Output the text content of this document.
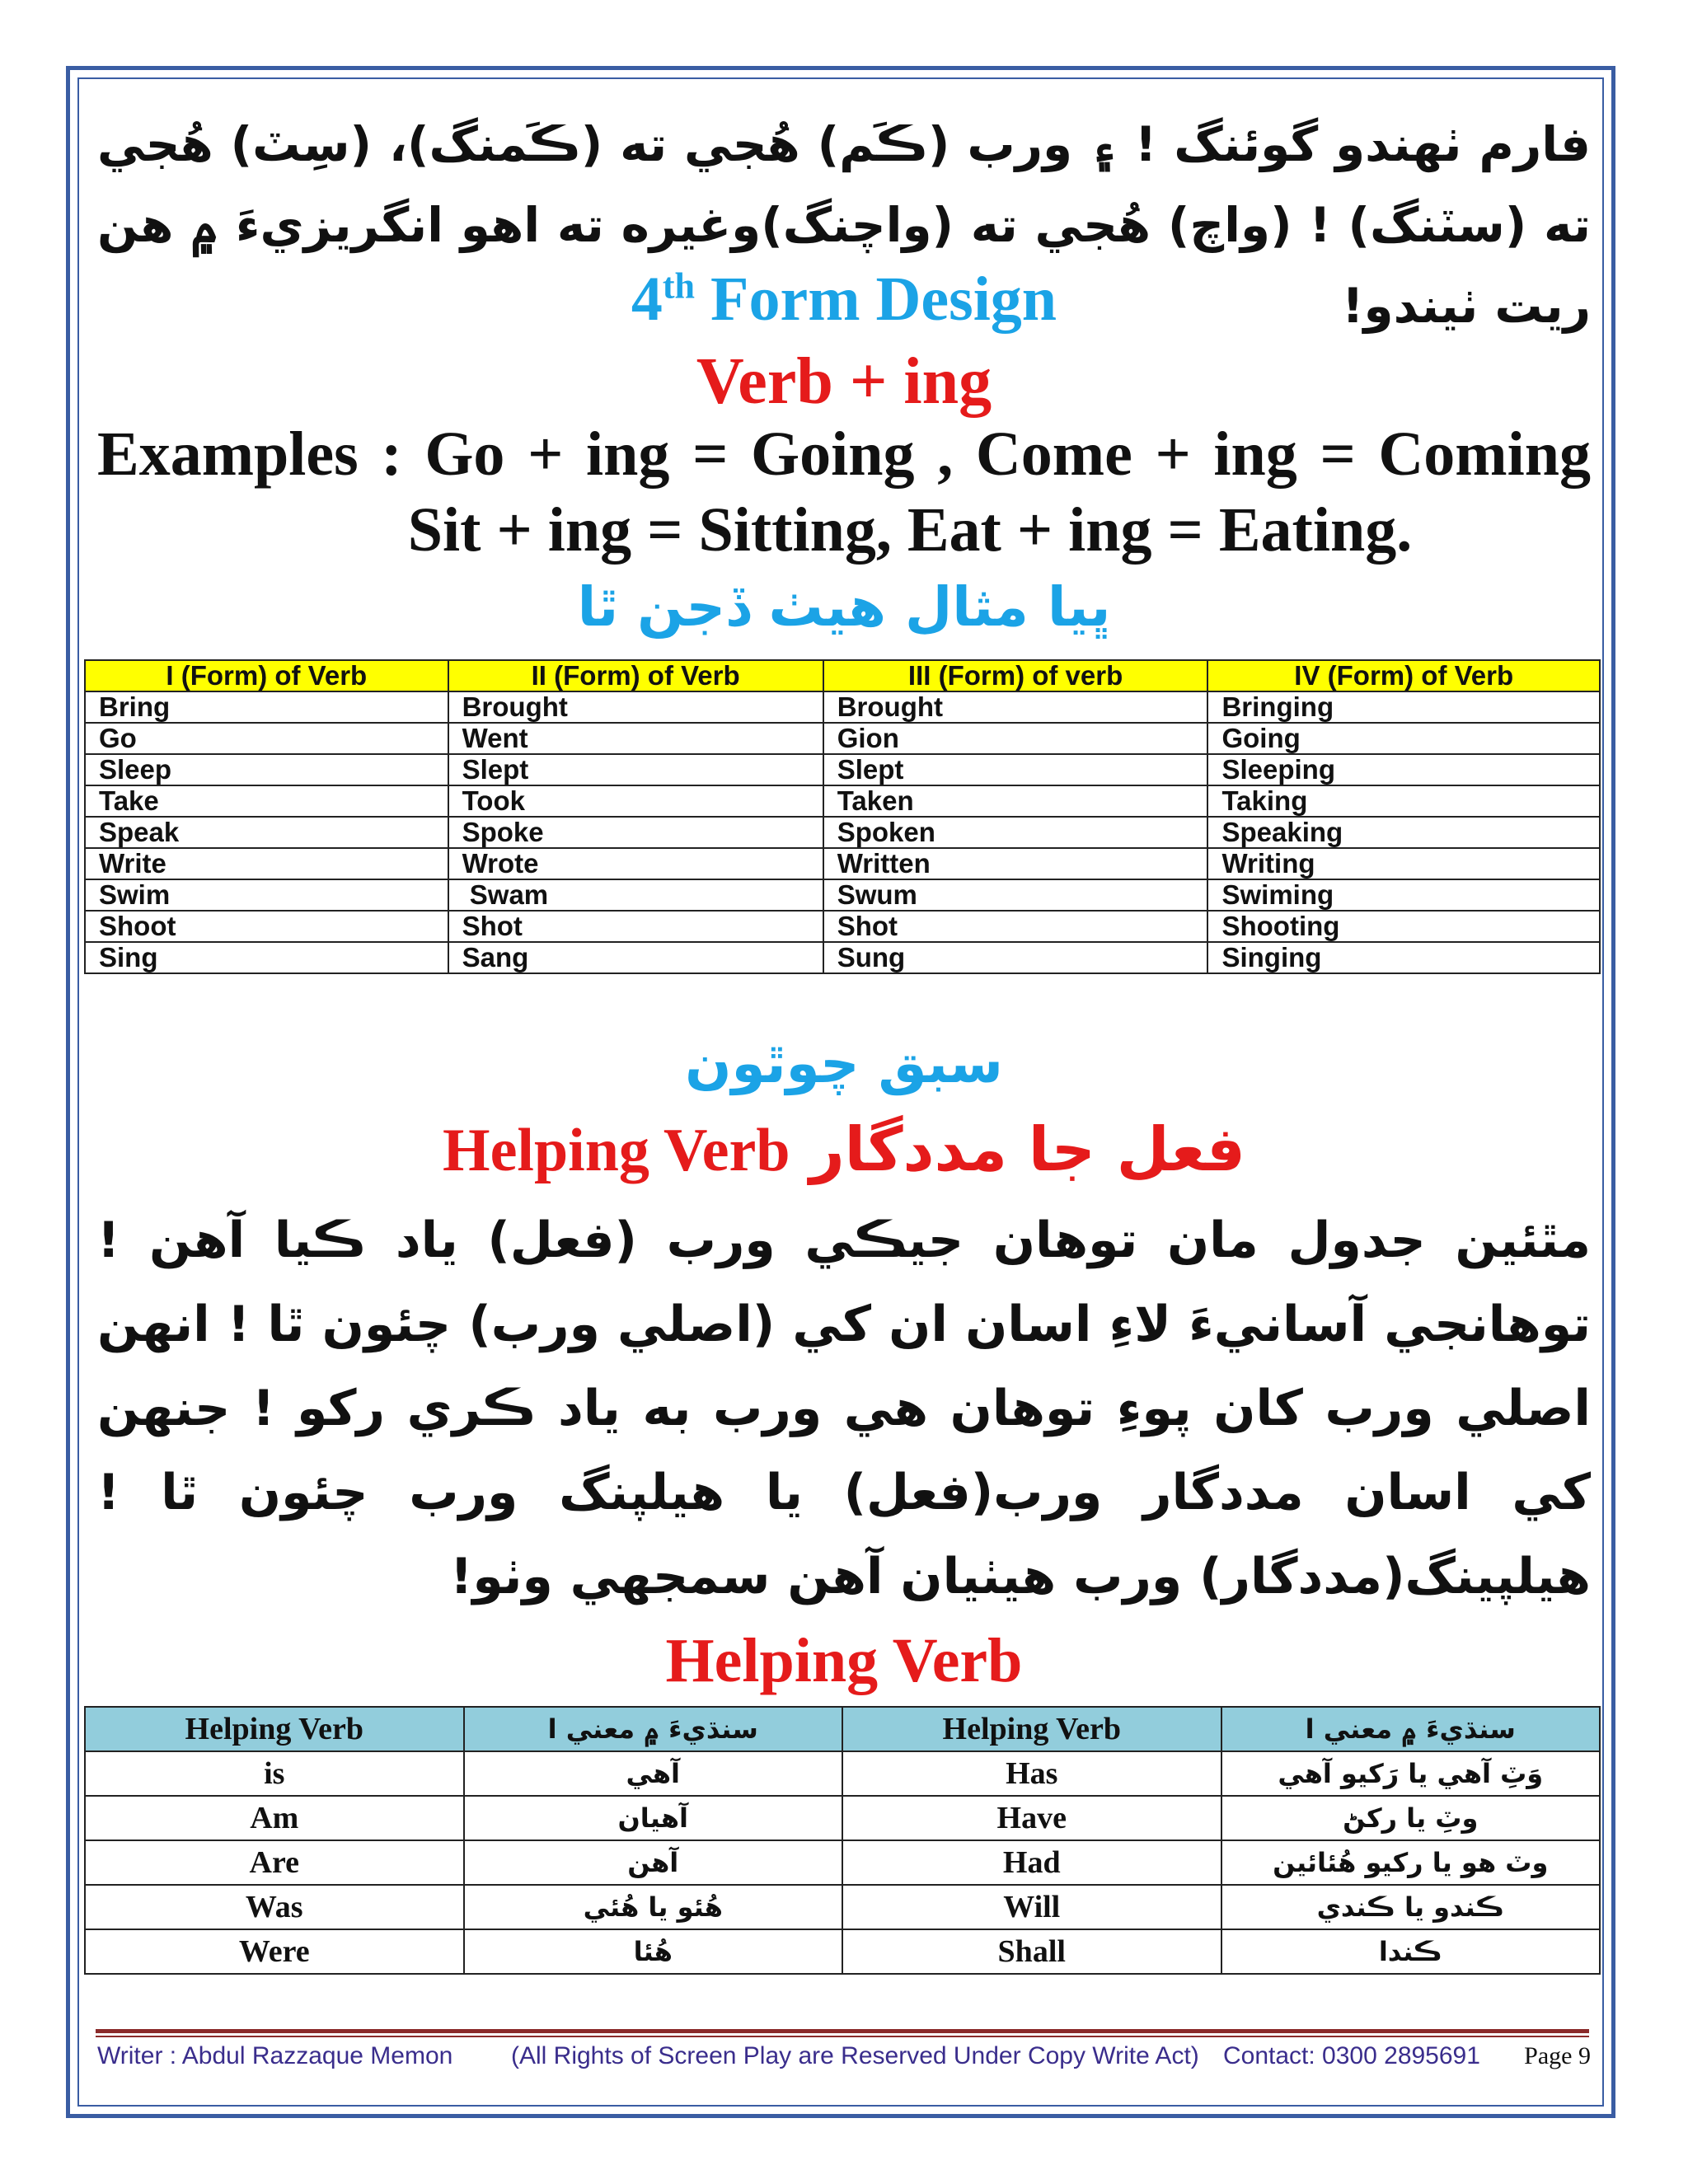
فارم ٺهندو گوئنگ ! ۽ ورب (ڪَم) هُجي ته (ڪَمنگ)، (سِٽ) هُجي ته (سٽنگ) ! (واچ) هُجي ته (واچنگ)وغيره ته اهو انگريزيءَ ۾ هن ريت ٺيندو!
4th Form Design
Verb + ing
Examples : Go + ing = Going , Come + ing = Coming
Sit + ing = Sitting, Eat + ing = Eating.
ڀيا مثال هيٺ ڏجن ٿا
I (Form) of Verb	II (Form) of Verb	III (Form) of verb	IV (Form) of Verb
Bring	Brought	Brought	Bringing
Go	Went	Gion	Going
Sleep	Slept	Slept	Sleeping
Take	Took	Taken	Taking
Speak	Spoke	Spoken	Speaking
Write	Wrote	Written	Writing
Swim	Swam	Swum	Swiming
Shoot	Shot	Shot	Shooting
Sing	Sang	Sung	Singing
سبق چوٿون
Helping Verb فعل جا مددگار
مٿئين جدول مان توهان جيڪي ورب (فعل) ياد ڪيا آهن ! توهانجي آسانيءَ لاءِ اسان ان کي (اصلي ورب) چئون ٿا ! انهن اصلي ورب کان پوءِ توهان هي ورب به ياد ڪري رکو ! جنهن کي اسان مددگار ورب(فعل) يا هيلپنگ ورب چئون ٿا !هيلپينگ(مددگار) ورب هيٺيان آهن سمجهي وٺو!
Helping Verb
Helping Verb	سنڌيءَ ۾ معني ا	Helping Verb	سنڌيءَ ۾ معني ا
is	آهي	Has	وَٽِ آهي يا رَکيو آهي
Am	آهيان	Have	وٽِ يا رکڻ
Are	آهن	Had	وٽ هو يا رکيو هُئائين
Was	هُئو يا هُئي	Will	ڪندو يا ڪندي
Were	هُئا	Shall	ڪندا
Writer : Abdul Razzaque Memon (All Rights of Screen Play are Reserved Under Copy Write Act) Contact: 0300 2895691 Page 9
